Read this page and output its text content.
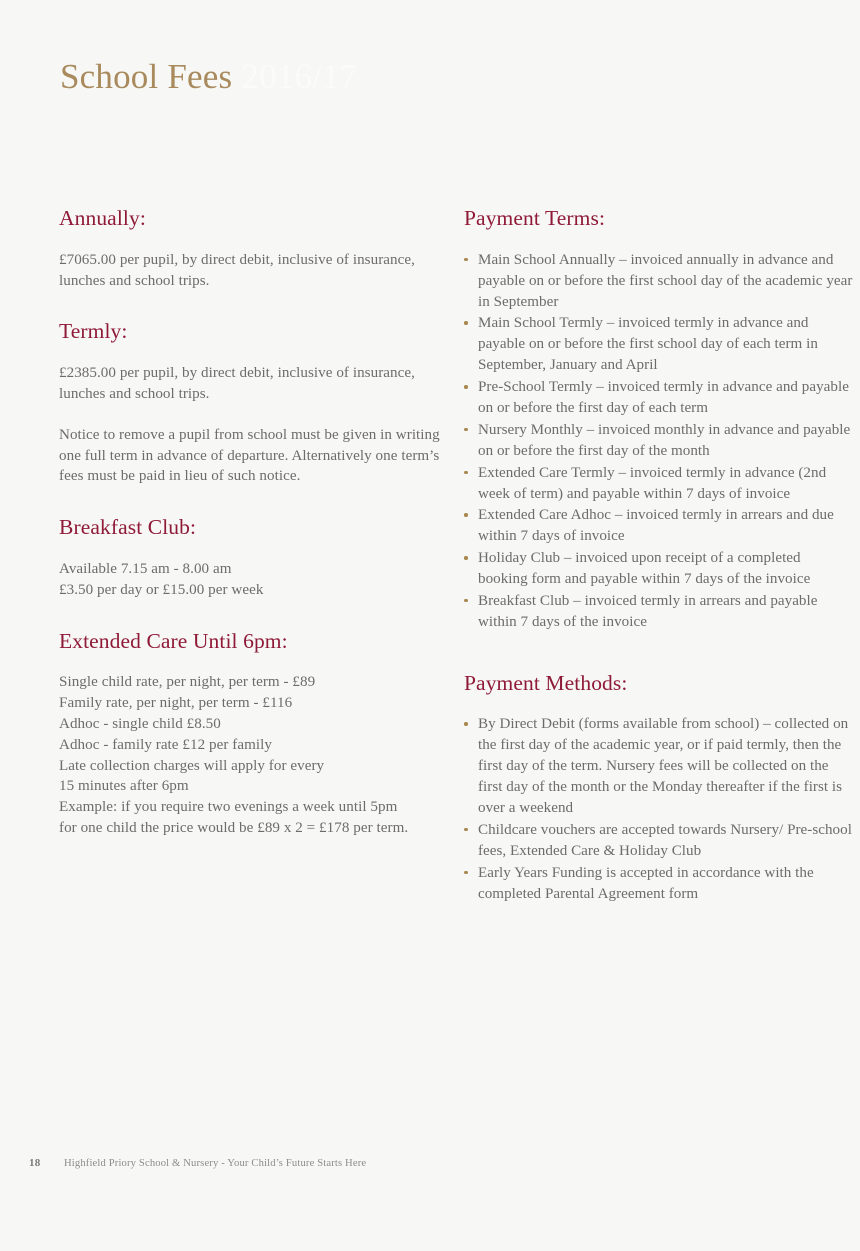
School Fees 2016/17
Annually:

£7065.00 per pupil, by direct debit, inclusive of insurance, lunches and school trips.

Termly:

£2385.00 per pupil, by direct debit, inclusive of insurance, lunches and school trips.

Notice to remove a pupil from school must be given in writing one full term in advance of departure. Alternatively one term’s fees must be paid in lieu of such notice.

Breakfast Club:
Available 7.15 am - 8.00 am
£3.50 per day or £15.00 per week
Extended Care Until 6pm:
Single child rate, per night, per term - £89
Family rate, per night, per term - £116
Adhoc - single child £8.50
Adhoc - family rate £12 per family
Late collection charges will apply for every
15 minutes after 6pm
Example: if you require two evenings a week until 5pm
for one child the price would be £89 x 2 = £178 per term.
Payment Terms:
Main School Annually – invoiced annually in advance and payable on or before the first school day of the academic year in September
Main School Termly – invoiced termly in advance and payable on or before the first school day of each term in September, January and April
Pre-School Termly – invoiced termly in advance and payable on or before the first day of each term
Nursery Monthly – invoiced monthly in advance and payable on or before the first day of the month
Extended Care Termly – invoiced termly in advance (2nd week of term) and payable within 7 days of invoice
Extended Care Adhoc – invoiced termly in arrears and due within 7 days of invoice
Holiday Club – invoiced upon receipt of a completed booking form and payable within 7 days of the invoice
Breakfast Club – invoiced termly in arrears and payable within 7 days of the invoice
Payment Methods:
By Direct Debit (forms available from school) – collected on the first day of the academic year, or if paid termly, then the first day of the term. Nursery fees will be collected on the first day of the month or the Monday thereafter if the first is over a weekend
Childcare vouchers are accepted towards Nursery/ Pre-school fees, Extended Care & Holiday Club
Early Years Funding is accepted in accordance with the completed Parental Agreement form
18	Highfield Priory School & Nursery - Your Child’s Future Starts Here
